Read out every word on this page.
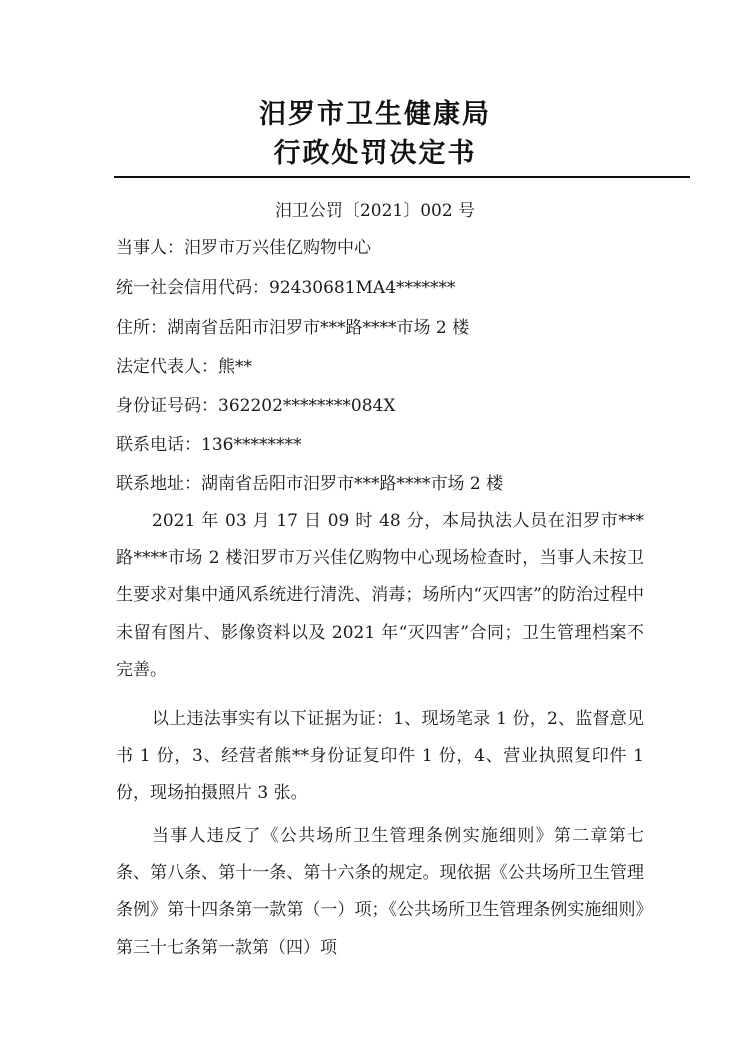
汨罗市卫生健康局
行政处罚决定书
汨卫公罚〔2021〕002 号
当事人：汨罗市万兴佳亿购物中心
统一社会信用代码：92430681MA4*******
住所：湖南省岳阳市汨罗市***路****市场 2 楼
法定代表人：熊**
身份证号码：362202********084X
联系电话：136********
联系地址：湖南省岳阳市汨罗市***路****市场 2 楼

2021 年 03 月 17 日 09 时 48 分，本局执法人员在汨罗市***路****市场 2 楼汨罗市万兴佳亿购物中心现场检查时，当事人未按卫生要求对集中通风系统进行清洗、消毒；场所内“灭四害”的防治过程中未留有图片、影像资料以及 2021 年“灭四害”合同；卫生管理档案不完善。

以上违法事实有以下证据为证：1、现场笔录 1 份，2、监督意见书 1 份，3、经营者熊**身份证复印件 1 份，4、营业执照复印件 1 份，现场拍摄照片 3 张。

当事人违反了《公共场所卫生管理条例实施细则》第二章第七条、第八条、第十一条、第十六条的规定。现依据《公共场所卫生管理条例》第十四条第一款第（一）项；《公共场所卫生管理条例实施细则》第三十七条第一款第（四）项
